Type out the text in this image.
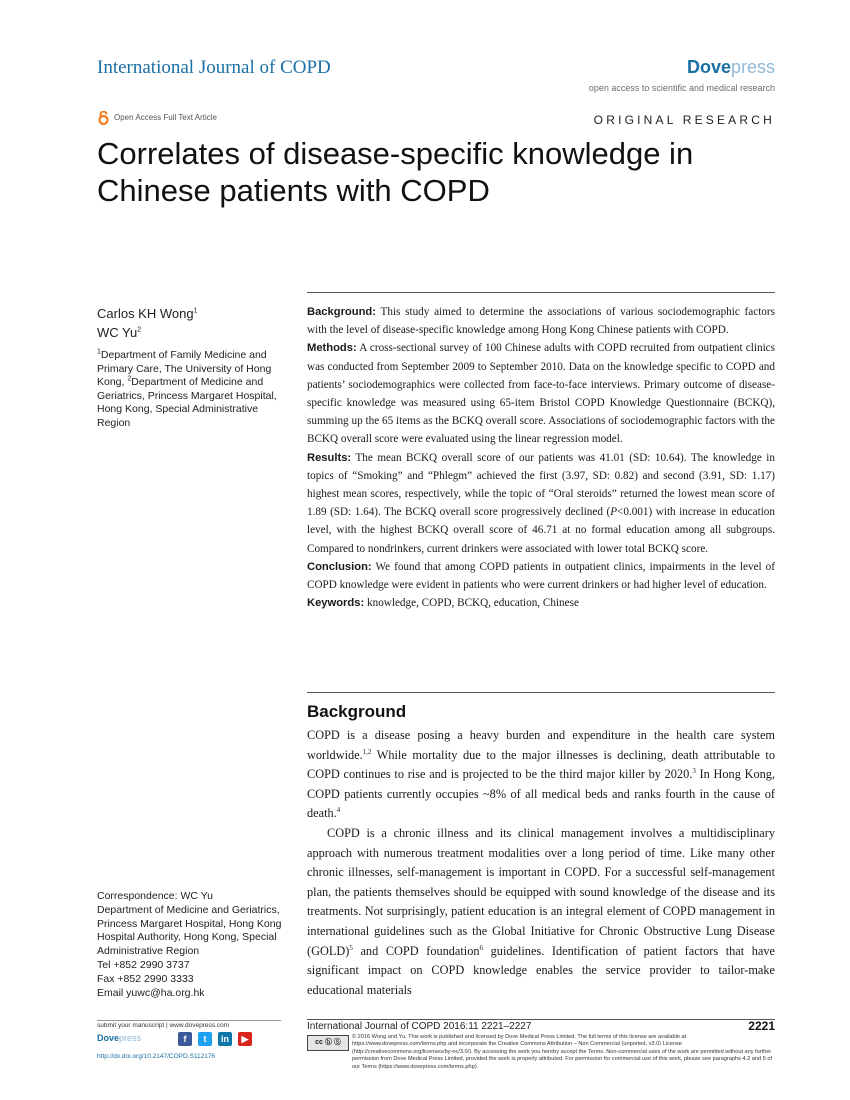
International Journal of COPD	Dovepress
open access to scientific and medical research
Open Access Full Text Article	ORIGINAL RESEARCH
Correlates of disease-specific knowledge in Chinese patients with COPD
Carlos KH Wong$^1$
WC Yu$^2$
$^1$Department of Family Medicine and Primary Care, The University of Hong Kong, $^2$Department of Medicine and Geriatrics, Princess Margaret Hospital, Hong Kong, Special Administrative Region
Correspondence: WC Yu
Department of Medicine and Geriatrics, Princess Margaret Hospital, Hong Kong Hospital Authority, Hong Kong, Special Administrative Region
Tel +852 2990 3737
Fax +852 2990 3333
Email yuwc@ha.org.hk

Background: This study aimed to determine the associations of various sociodemographic factors with the level of disease-specific knowledge among Hong Kong Chinese patients with COPD.

Methods: A cross-sectional survey of 100 Chinese adults with COPD recruited from outpatient clinics was conducted from September 2009 to September 2010. Data on the knowledge specific to COPD and patients’ sociodemographics were collected from face-to-face interviews. Primary outcome of disease-specific knowledge was measured using 65-item Bristol COPD Knowledge Questionnaire (BCKQ), summing up the 65 items as the BCKQ overall score. Associations of sociodemographic factors with the BCKQ overall score were evaluated using the linear regression model.

Results: The mean BCKQ overall score of our patients was 41.01 (SD: 10.64). The knowledge in topics of “Smoking” and “Phlegm” achieved the first (3.97, SD: 0.82) and second (3.91, SD: 1.17) highest mean scores, respectively, while the topic of “Oral steroids” returned the lowest mean score of 1.89 (SD: 1.64). The BCKQ overall score progressively declined (P<0.001) with increase in education level, with the highest BCKQ overall score of 46.71 at no formal education among all subgroups. Compared to nondrinkers, current drinkers were associated with lower total BCKQ score.

Conclusion: We found that among COPD patients in outpatient clinics, impairments in the level of COPD knowledge were evident in patients who were current drinkers or had higher level of education.

Keywords: knowledge, COPD, BCKQ, education, Chinese

Background

COPD is a disease posing a heavy burden and expenditure in the health care system worldwide.$^{1,2}$ While mortality due to the major illnesses is declining, death attributable to COPD continues to rise and is projected to be the third major killer by 2020.$^3$ In Hong Kong, COPD patients currently occupies ~8% of all medical beds and ranks fourth in the cause of death.$^4$

COPD is a chronic illness and its clinical management involves a multidisciplinary approach with numerous treatment modalities over a long period of time. Like many other chronic illnesses, self-management is important in COPD. For a successful self-management plan, the patients themselves should be equipped with sound knowledge of the disease and its treatments. Not surprisingly, patient education is an integral element of COPD management in international guidelines such as the Global Initiative for Chronic Obstructive Lung Disease (GOLD)$^5$ and COPD foundation$^6$ guidelines. Identification of patient factors that have significant impact on COPD knowledge enables the service provider to tailor-make educational materials

submit your manuscript | www.dovepress.com
Dovepress	f	t	in	▶
http://dx.doi.org/10.2147/COPD.S112176
International Journal of COPD 2016:11 2221–2227	2221
cc ⓑ Ⓢ
© 2016 Wong and Yu. This work is published and licensed by Dove Medical Press Limited. The full terms of this license are available at https://www.dovepress.com/terms.php and incorporate the Creative Commons Attribution – Non Commercial (unported, v3.0) License (http://creativecommons.org/licenses/by-nc/3.0/). By accessing the work you hereby accept the Terms. Non-commercial uses of the work are permitted without any further permission from Dove Medical Press Limited, provided the work is properly attributed. For permission for commercial use of this work, please see paragraphs 4.2 and 5 of our Terms (https://www.dovepress.com/terms.php).
